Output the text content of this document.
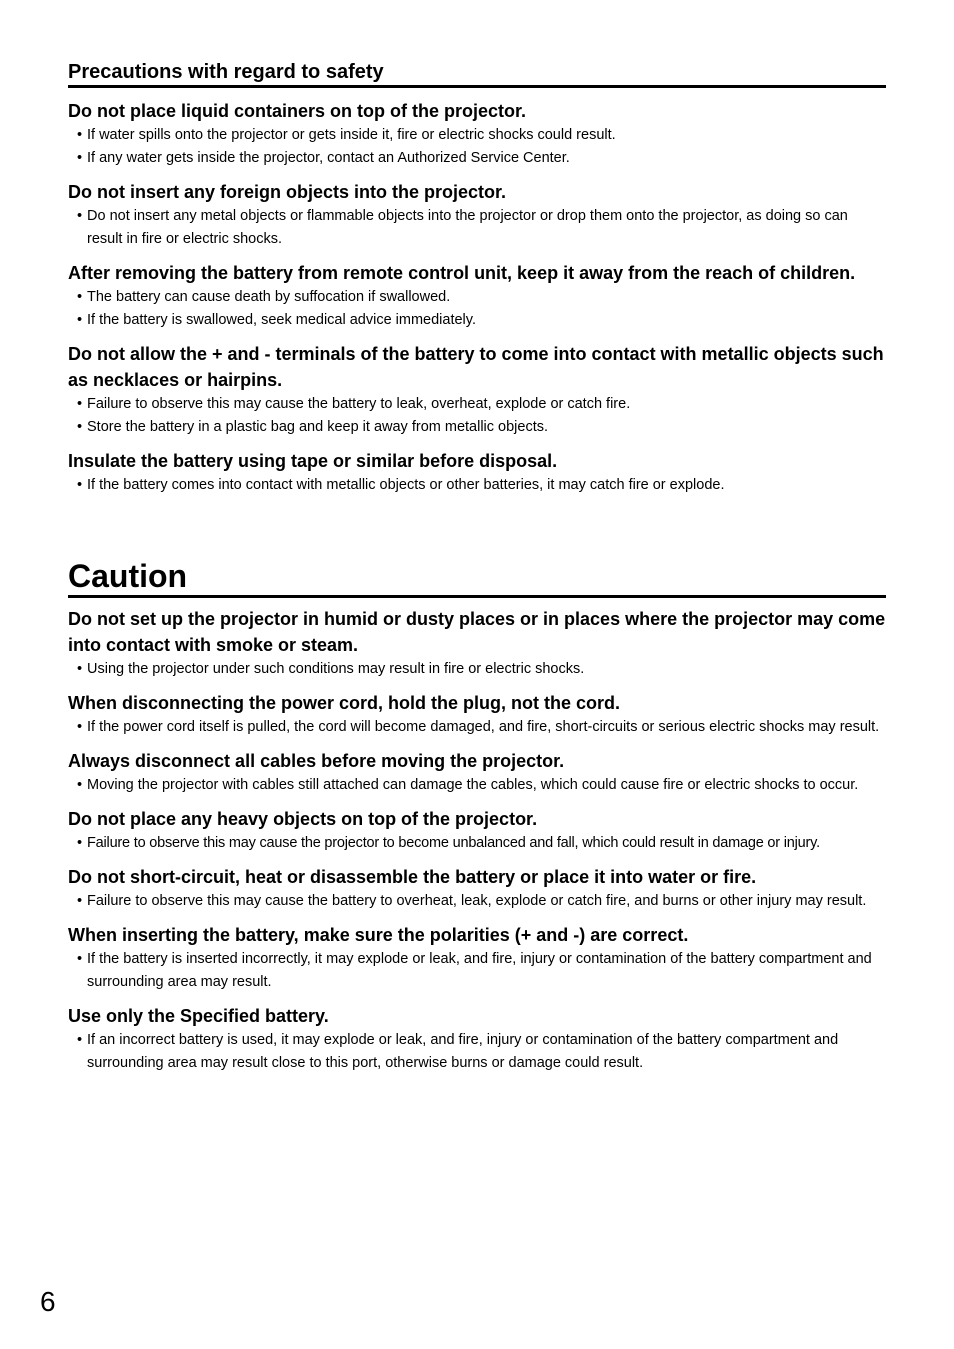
Precautions with regard to safety

Do not place liquid containers on top of the projector.

• If water spills onto the projector or gets inside it, fire or electric shocks could result.
• If any water gets inside the projector, contact an Authorized Service Center.

Do not insert any foreign objects into the projector.

• Do not insert any metal objects or flammable objects into the projector or drop them onto the projector, as doing so can result in fire or electric shocks.

After removing the battery from remote control unit, keep it away from the reach of children.

• The battery can cause death by suffocation if swallowed.
• If the battery is swallowed, seek medical advice immediately.

Do not allow the + and - terminals of the battery to come into contact with metallic objects such as necklaces or hairpins.

• Failure to observe this may cause the battery to leak, overheat, explode or catch fire.
• Store the battery in a plastic bag and keep it away from metallic objects.

Insulate the battery using tape or similar before disposal.

• If the battery comes into contact with metallic objects or other batteries, it may catch fire or explode.
Caution

Do not set up the projector in humid or dusty places or in places where the projector may come into contact with smoke or steam.

• Using the projector under such conditions may result in fire or electric shocks.

When disconnecting the power cord, hold the plug, not the cord.

• If the power cord itself is pulled, the cord will become damaged, and fire, short-circuits or serious electric shocks may result.

Always disconnect all cables before moving the projector.

• Moving the projector with cables still attached can damage the cables, which could cause fire or electric shocks to occur.

Do not place any heavy objects on top of the projector.

• Failure to observe this may cause the projector to become unbalanced and fall, which could result in damage or injury.

Do not short-circuit, heat or disassemble the battery or place it into water or fire.

• Failure to observe this may cause the battery to overheat, leak, explode or catch fire, and burns or other injury may result.

When inserting the battery, make sure the polarities (+ and -) are correct.

• If the battery is inserted incorrectly, it may explode or leak, and fire, injury or contamination of the battery compartment and surrounding area may result.

Use only the Specified battery.

• If an incorrect battery is used, it may explode or leak, and fire, injury or contamination of the battery compartment and surrounding area may result close to this port, otherwise burns or damage could result.
6
